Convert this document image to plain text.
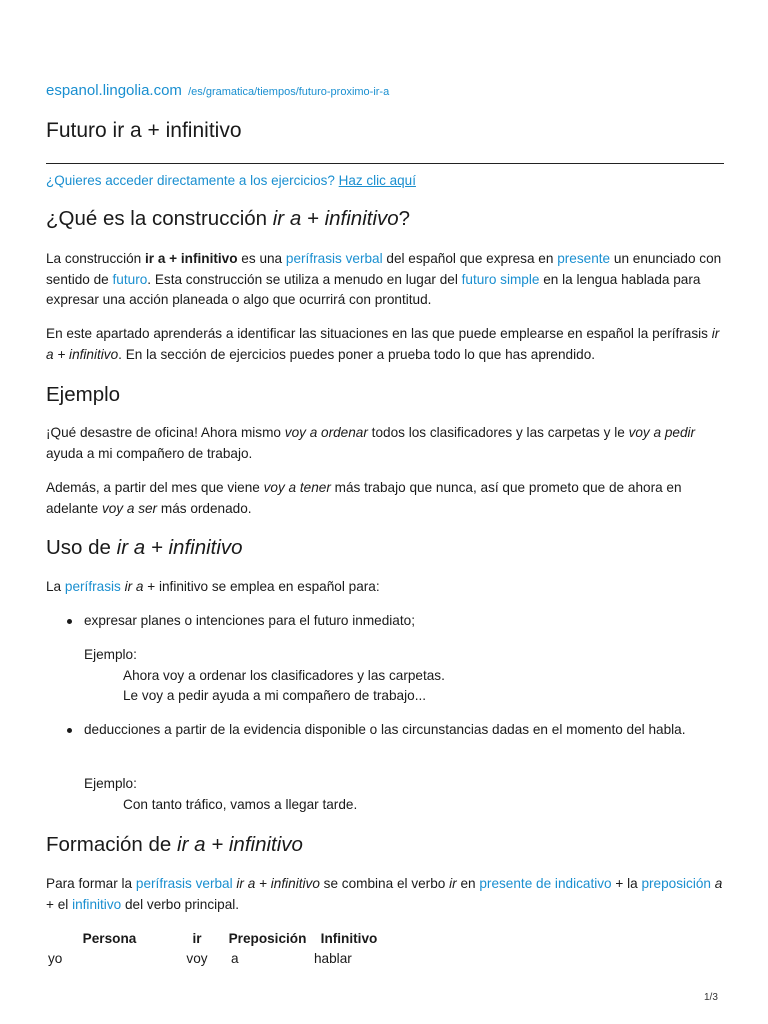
espanol.lingolia.com /es/gramatica/tiempos/futuro-proximo-ir-a
Futuro ir a + infinitivo
¿Quieres acceder directamente a los ejercicios? Haz clic aquí
¿Qué es la construcción ir a + infinitivo?

La construcción ir a + infinitivo es una perífrasis verbal del español que expresa en presente un enunciado con sentido de futuro. Esta construcción se utiliza a menudo en lugar del futuro simple en la lengua hablada para expresar una acción planeada o algo que ocurrirá con prontitud.

En este apartado aprenderás a identificar las situaciones en las que puede emplearse en español la perífrasis ir a + infinitivo. En la sección de ejercicios puedes poner a prueba todo lo que has aprendido.

Ejemplo

¡Qué desastre de oficina! Ahora mismo voy a ordenar todos los clasificadores y las carpetas y le voy a pedir ayuda a mi compañero de trabajo.

Además, a partir del mes que viene voy a tener más trabajo que nunca, así que prometo que de ahora en adelante voy a ser más ordenado.

Uso de ir a + infinitivo

La perífrasis ir a + infinitivo se emplea en español para:

expresar planes o intenciones para el futuro inmediato;
Ejemplo:
Ahora voy a ordenar los clasificadores y las carpetas.
Le voy a pedir ayuda a mi compañero de trabajo...
deducciones a partir de la evidencia disponible o las circunstancias dadas en el momento del habla.
Ejemplo:
Con tanto tráfico, vamos a llegar tarde.
Formación de ir a + infinitivo

Para formar la perífrasis verbal ir a + infinitivo se combina el verbo ir en presente de indicativo + la preposición a + el infinitivo del verbo principal.

Persona	ir	Preposición	Infinitivo
yo	voy	a	hablar
1/3
